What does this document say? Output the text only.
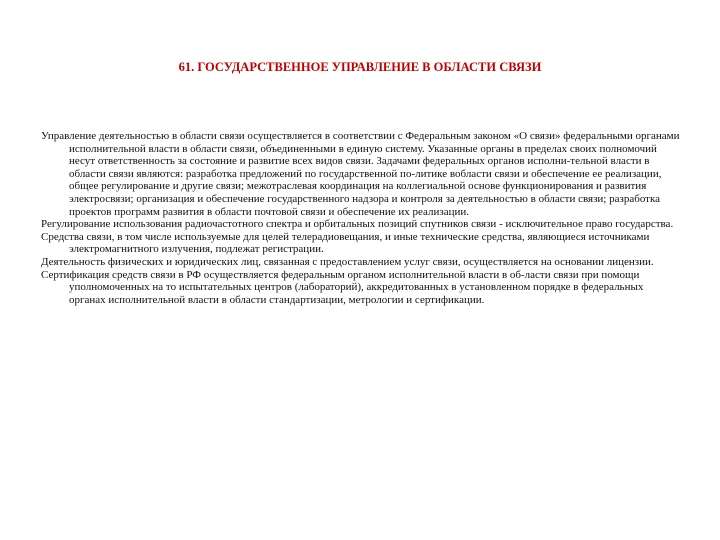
61. ГОСУДАРСТВЕННОЕ УПРАВЛЕНИЕ В ОБЛАСТИ СВЯЗИ

Управление деятельностью в области связи осуществляется в соответствии с Федеральным законом «О связи» федеральными органами исполнительной власти в области связи, объединенными в единую систему. Указанные органы в пределах своих полномочий несут ответственность за состояние и развитие всех видов связи. Задачами федеральных органов исполни-тельной власти в области связи являются: разработка предложений по государственной по-литике вобласти связи и обеспечение ее реализации, общее регулирование и другие связи; межотраслевая координация на коллегиальной основе функционирования и развития электросвязи; организация и обеспечение государственного надзора и контроля за деятельностью в области связи; разработка проектов программ развития в области почтовой связи и обеспечение их реализации.

Регулирование использования радиочастотного спектра и орбитальных позиций спутников связи - исключительное право государства.

Средства связи, в том числе используемые для целей телерадиовещания, и иные технические средства, являющиеся источниками электромагнитного излучения, подлежат регистрации.

Деятельность физических и юридических лиц, связанная с предоставлением услуг связи, осуществляется на основании лицензии.

Сертификация средств связи в РФ осуществляется федеральным органом исполнительной власти в об-ласти связи при помощи уполномоченных на то испытательных центров (лабораторий), аккредитованных в установленном порядке в федеральных органах исполнительной власти в области стандартизации, метрологии и сертификации.
